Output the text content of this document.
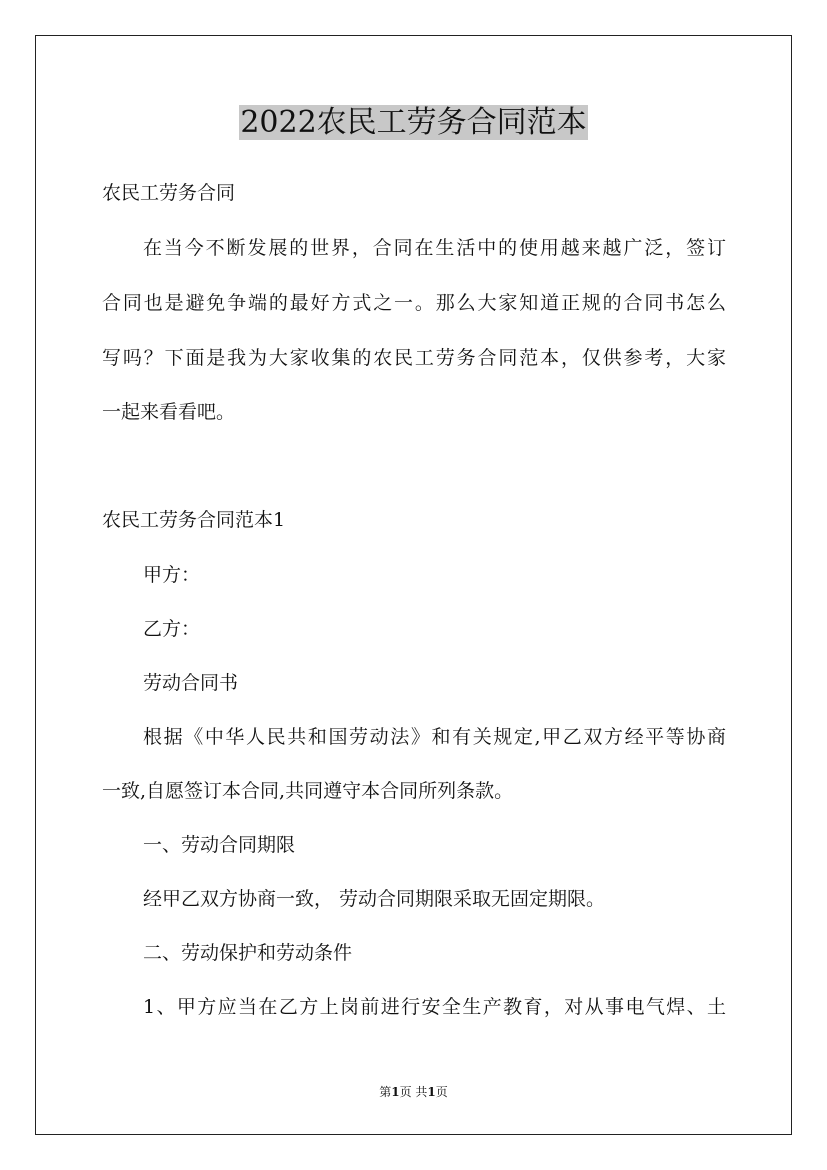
2022农民工劳务合同范本
农民工劳务合同
在当今不断发展的世界，合同在生活中的使用越来越广泛，签订
合同也是避免争端的最好方式之一。那么大家知道正规的合同书怎么
写吗？下面是我为大家收集的农民工劳务合同范本，仅供参考，大家
一起来看看吧。
农民工劳务合同范本1
甲方：
乙方：
劳动合同书
根据《中华人民共和国劳动法》和有关规定,甲乙双方经平等协商
一致,自愿签订本合同,共同遵守本合同所列条款。
一、劳动合同期限
经甲乙双方协商一致， 劳动合同期限采取无固定期限。
二、劳动保护和劳动条件
1、甲方应当在乙方上岗前进行安全生产教育，对从事电气焊、土
第1页 共1页
